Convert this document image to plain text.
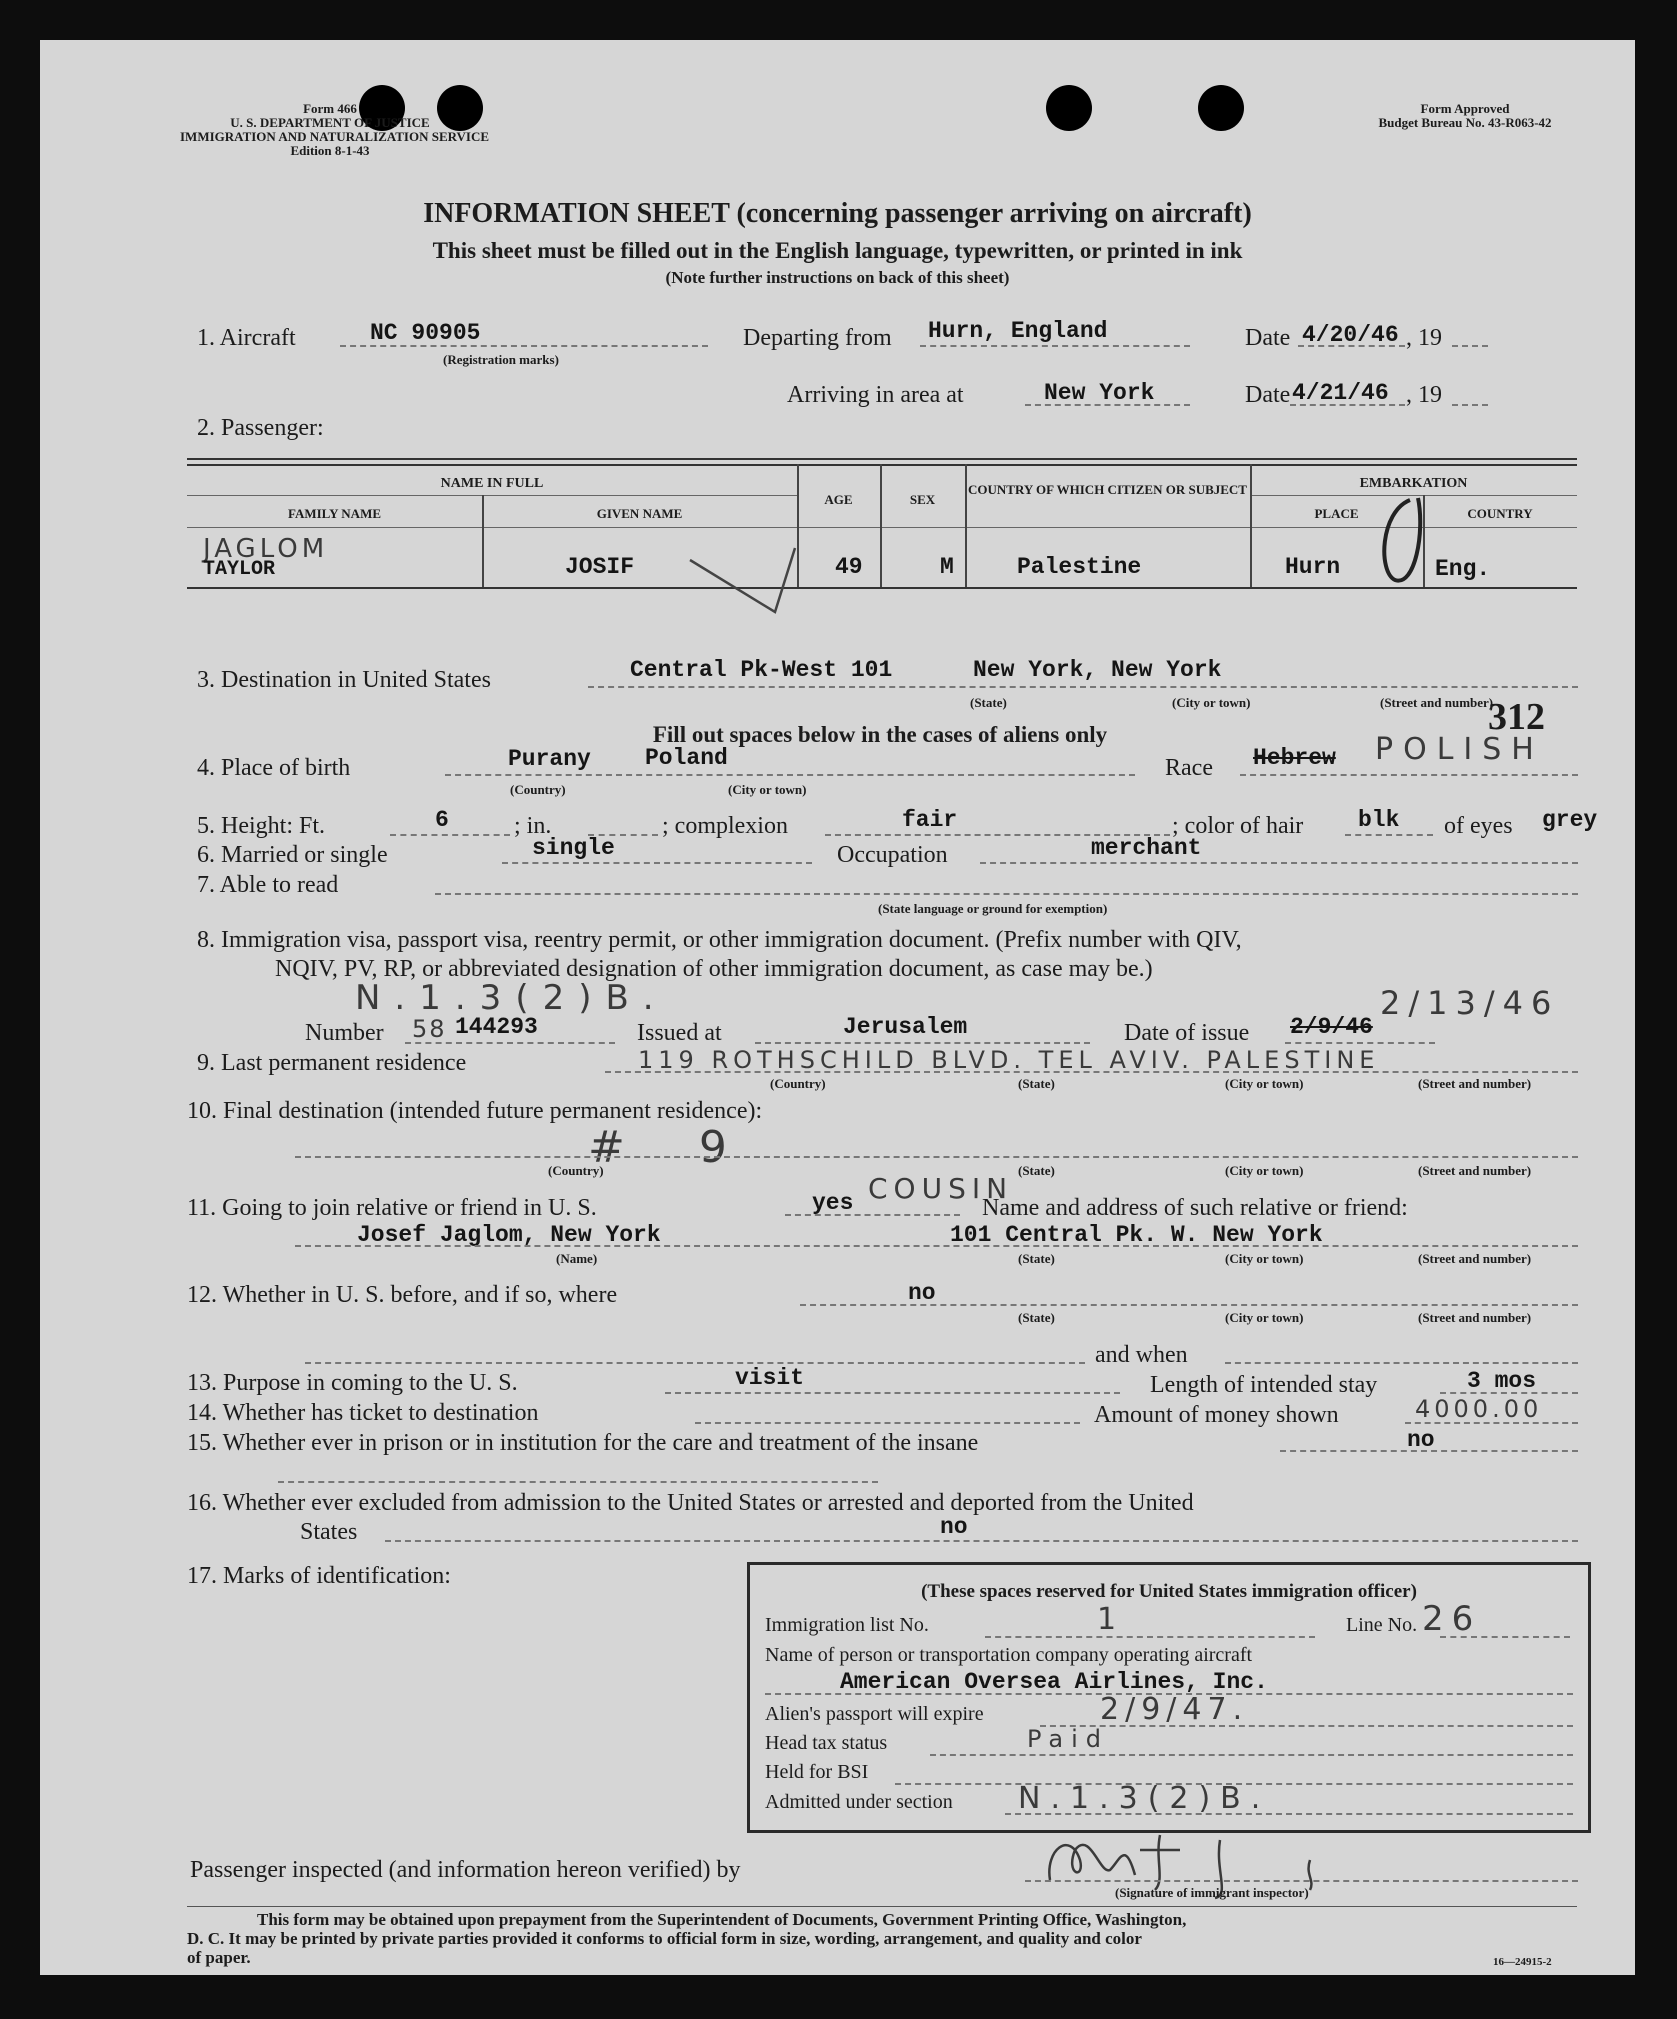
Form 466
U. S. DEPARTMENT OF JUSTICE
IMMIGRATION AND NATURALIZATION SERVICE
Edition 8-1-43
Form Approved
Budget Bureau No. 43-R063-42
INFORMATION SHEET (concerning passenger arriving on aircraft)
This sheet must be filled out in the English language, typewritten, or printed in ink
(Note further instructions on back of this sheet)
1. Aircraft	NC 90905
(Registration marks)
Departing from Hurn, England	Date 4/20/46 , 19
Arriving in area at	New York	Date 4/21/46 , 19
2. Passenger:
NAME IN FULL
FAMILY NAME	GIVEN NAME
AGE	SEX
COUNTRY OF WHICH CITIZEN OR SUBJECT	EMBARKATION
PLACE	COUNTRY
JAGLOM
TAYLOR	JOSIF	49	M	Palestine	Hurn	Eng.
3. Destination in United States	Central Pk-West 101	New York, New York
(State)	(City or town)	(Street and number)
312
Fill out spaces below in the cases of aliens only
4. Place of birth	Purany Poland
(Country)	(City or town)
Race Hebrew POLISH
5. Height: Ft.	6	; in.	; complexion	fair	; color of hair blk of eyes grey
6. Married or single	single	Occupation	merchant
7. Able to read
(State language or ground for exemption)
8. Immigration visa, passport visa, reentry permit, or other immigration document. (Prefix number with QIV,
NQIV, PV, RP, or abbreviated designation of other immigration document, as case may be.)
N.1.3(2)B.
Number 58 144293	Issued at	Jerusalem	Date of issue 2/9/46
2/13/46
9. Last permanent residence	119 ROTHSCHILD BLVD. TEL AVIV. PALESTINE
(Country)	(State)	(City or town)	(Street and number)
10. Final destination (intended future permanent residence):
# 9
(Country)	(State)	(City or town)	(Street and number)
11. Going to join relative or friend in U. S.	yes COUSIN
Name and address of such relative or friend:
Josef Jaglom, New York	101 Central Pk. W. New York
(Name)	(State)	(City or town)	(Street and number)
12. Whether in U. S. before, and if so, where	no
(State)	(City or town)	(Street and number)
and when
13. Purpose in coming to the U. S.	visit	Length of intended stay	3 mos
14. Whether has ticket to destination	Amount of money shown	4000.00
15. Whether ever in prison or in institution for the care and treatment of the insane	no
16. Whether ever excluded from admission to the United States or arrested and deported from the United
States	no
17. Marks of identification:
(These spaces reserved for United States immigration officer)
Immigration list No.	1	Line No. 26
Name of person or transportation company operating aircraft
American Oversea Airlines, Inc.
Alien's passport will expire	2/9/47.
Head tax status	Paid
Held for BSI
Admitted under section N.1.3(2)B.
Passenger inspected (and information hereon verified) by
(Signature of immigrant inspector)
This form may be obtained upon prepayment from the Superintendent of Documents, Government Printing Office, Washington,
D. C. It may be printed by private parties provided it conforms to official form in size, wording, arrangement, and quality and color
of paper.	16—24915-2
